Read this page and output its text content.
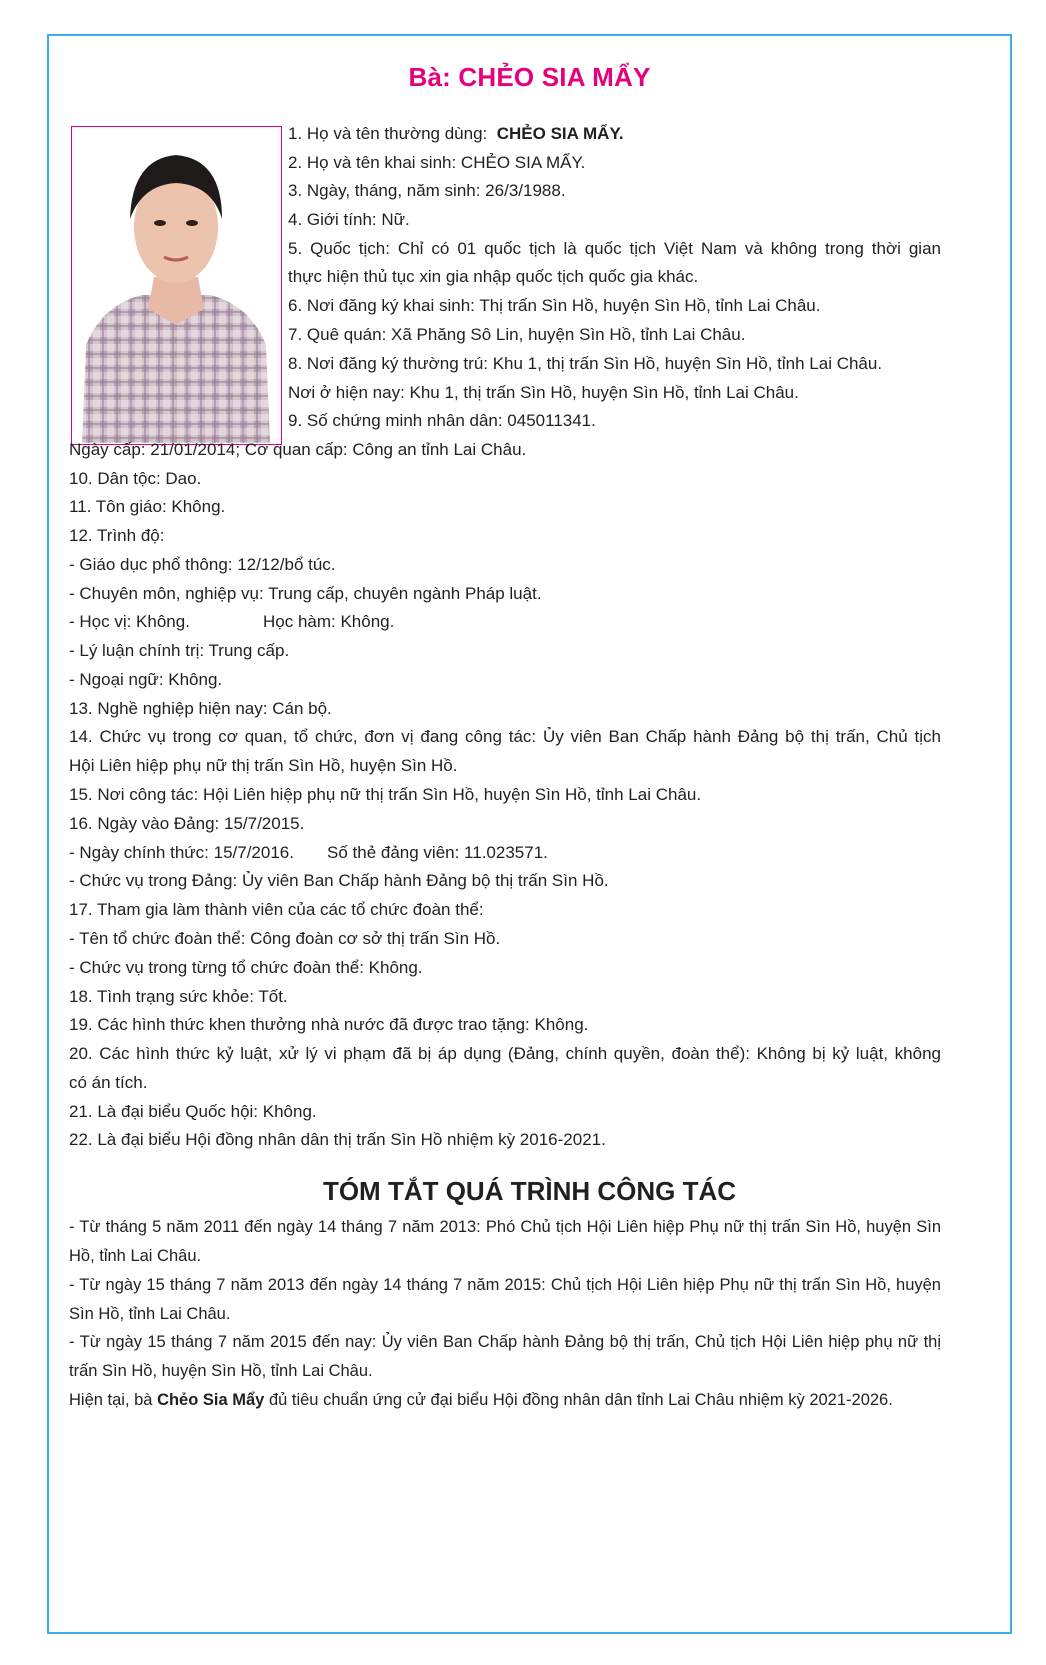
Bà: CHẺO SIA MẨY
1. Họ và tên thường dùng: CHẺO SIA MẨY.
2. Họ và tên khai sinh: CHẺO SIA MẨY.
3. Ngày, tháng, năm sinh: 26/3/1988.
4. Giới tính: Nữ.
5. Quốc tịch: Chỉ có 01 quốc tịch là quốc tịch Việt Nam và không trong thời gian
thực hiện thủ tục xin gia nhập quốc tịch quốc gia khác.
6. Nơi đăng ký khai sinh: Thị trấn Sìn Hồ, huyện Sìn Hồ, tỉnh Lai Châu.
7. Quê quán: Xã Phăng Sô Lin, huyện Sìn Hồ, tỉnh Lai Châu.
8. Nơi đăng ký thường trú: Khu 1, thị trấn Sìn Hồ, huyện Sìn Hồ, tỉnh Lai Châu.
Nơi ở hiện nay: Khu 1, thị trấn Sìn Hồ, huyện Sìn Hồ, tỉnh Lai Châu.
9. Số chứng minh nhân dân: 045011341.
Ngày cấp: 21/01/2014; Cơ quan cấp: Công an tỉnh Lai Châu.
10. Dân tộc: Dao.
11. Tôn giáo: Không.
12. Trình độ:
- Giáo dục phổ thông: 12/12/bổ túc.
- Chuyên môn, nghiệp vụ: Trung cấp, chuyên ngành Pháp luật.
- Học vị: Không.	Học hàm: Không.
- Lý luận chính trị: Trung cấp.
- Ngoại ngữ: Không.
13. Nghề nghiệp hiện nay: Cán bộ.
14. Chức vụ trong cơ quan, tổ chức, đơn vị đang công tác: Ủy viên Ban Chấp hành Đảng bộ thị trấn, Chủ tịch
Hội Liên hiệp phụ nữ thị trấn Sìn Hồ, huyện Sìn Hồ.
15. Nơi công tác: Hội Liên hiệp phụ nữ thị trấn Sìn Hồ, huyện Sìn Hồ, tỉnh Lai Châu.
16. Ngày vào Đảng: 15/7/2015.
- Ngày chính thức: 15/7/2016. Số thẻ đảng viên: 11.023571.
- Chức vụ trong Đảng: Ủy viên Ban Chấp hành Đảng bộ thị trấn Sìn Hồ.
17. Tham gia làm thành viên của các tổ chức đoàn thể:
- Tên tổ chức đoàn thể: Công đoàn cơ sở thị trấn Sìn Hồ.
- Chức vụ trong từng tổ chức đoàn thể: Không.
18. Tình trạng sức khỏe: Tốt.
19. Các hình thức khen thưởng nhà nước đã được trao tặng: Không.
20. Các hình thức kỷ luật, xử lý vi phạm đã bị áp dụng (Đảng, chính quyền, đoàn thể): Không bị kỷ luật, không
có án tích.
21. Là đại biểu Quốc hội: Không.
22. Là đại biểu Hội đồng nhân dân thị trấn Sìn Hồ nhiệm kỳ 2016-2021.
TÓM TẮT QUÁ TRÌNH CÔNG TÁC
- Từ tháng 5 năm 2011 đến ngày 14 tháng 7 năm 2013: Phó Chủ tịch Hội Liên hiệp Phụ nữ thị trấn Sìn Hồ, huyện Sìn
Hồ, tỉnh Lai Châu.
- Từ ngày 15 tháng 7 năm 2013 đến ngày 14 tháng 7 năm 2015: Chủ tịch Hội Liên hiệp Phụ nữ thị trấn Sìn Hồ, huyện
Sìn Hồ, tỉnh Lai Châu.
- Từ ngày 15 tháng 7 năm 2015 đến nay: Ủy viên Ban Chấp hành Đảng bộ thị trấn, Chủ tịch Hội Liên hiệp phụ nữ thị
trấn Sìn Hồ, huyện Sìn Hồ, tỉnh Lai Châu.
Hiện tại, bà Chẻo Sia Mẩy đủ tiêu chuẩn ứng cử đại biểu Hội đồng nhân dân tỉnh Lai Châu nhiệm kỳ 2021-2026.
